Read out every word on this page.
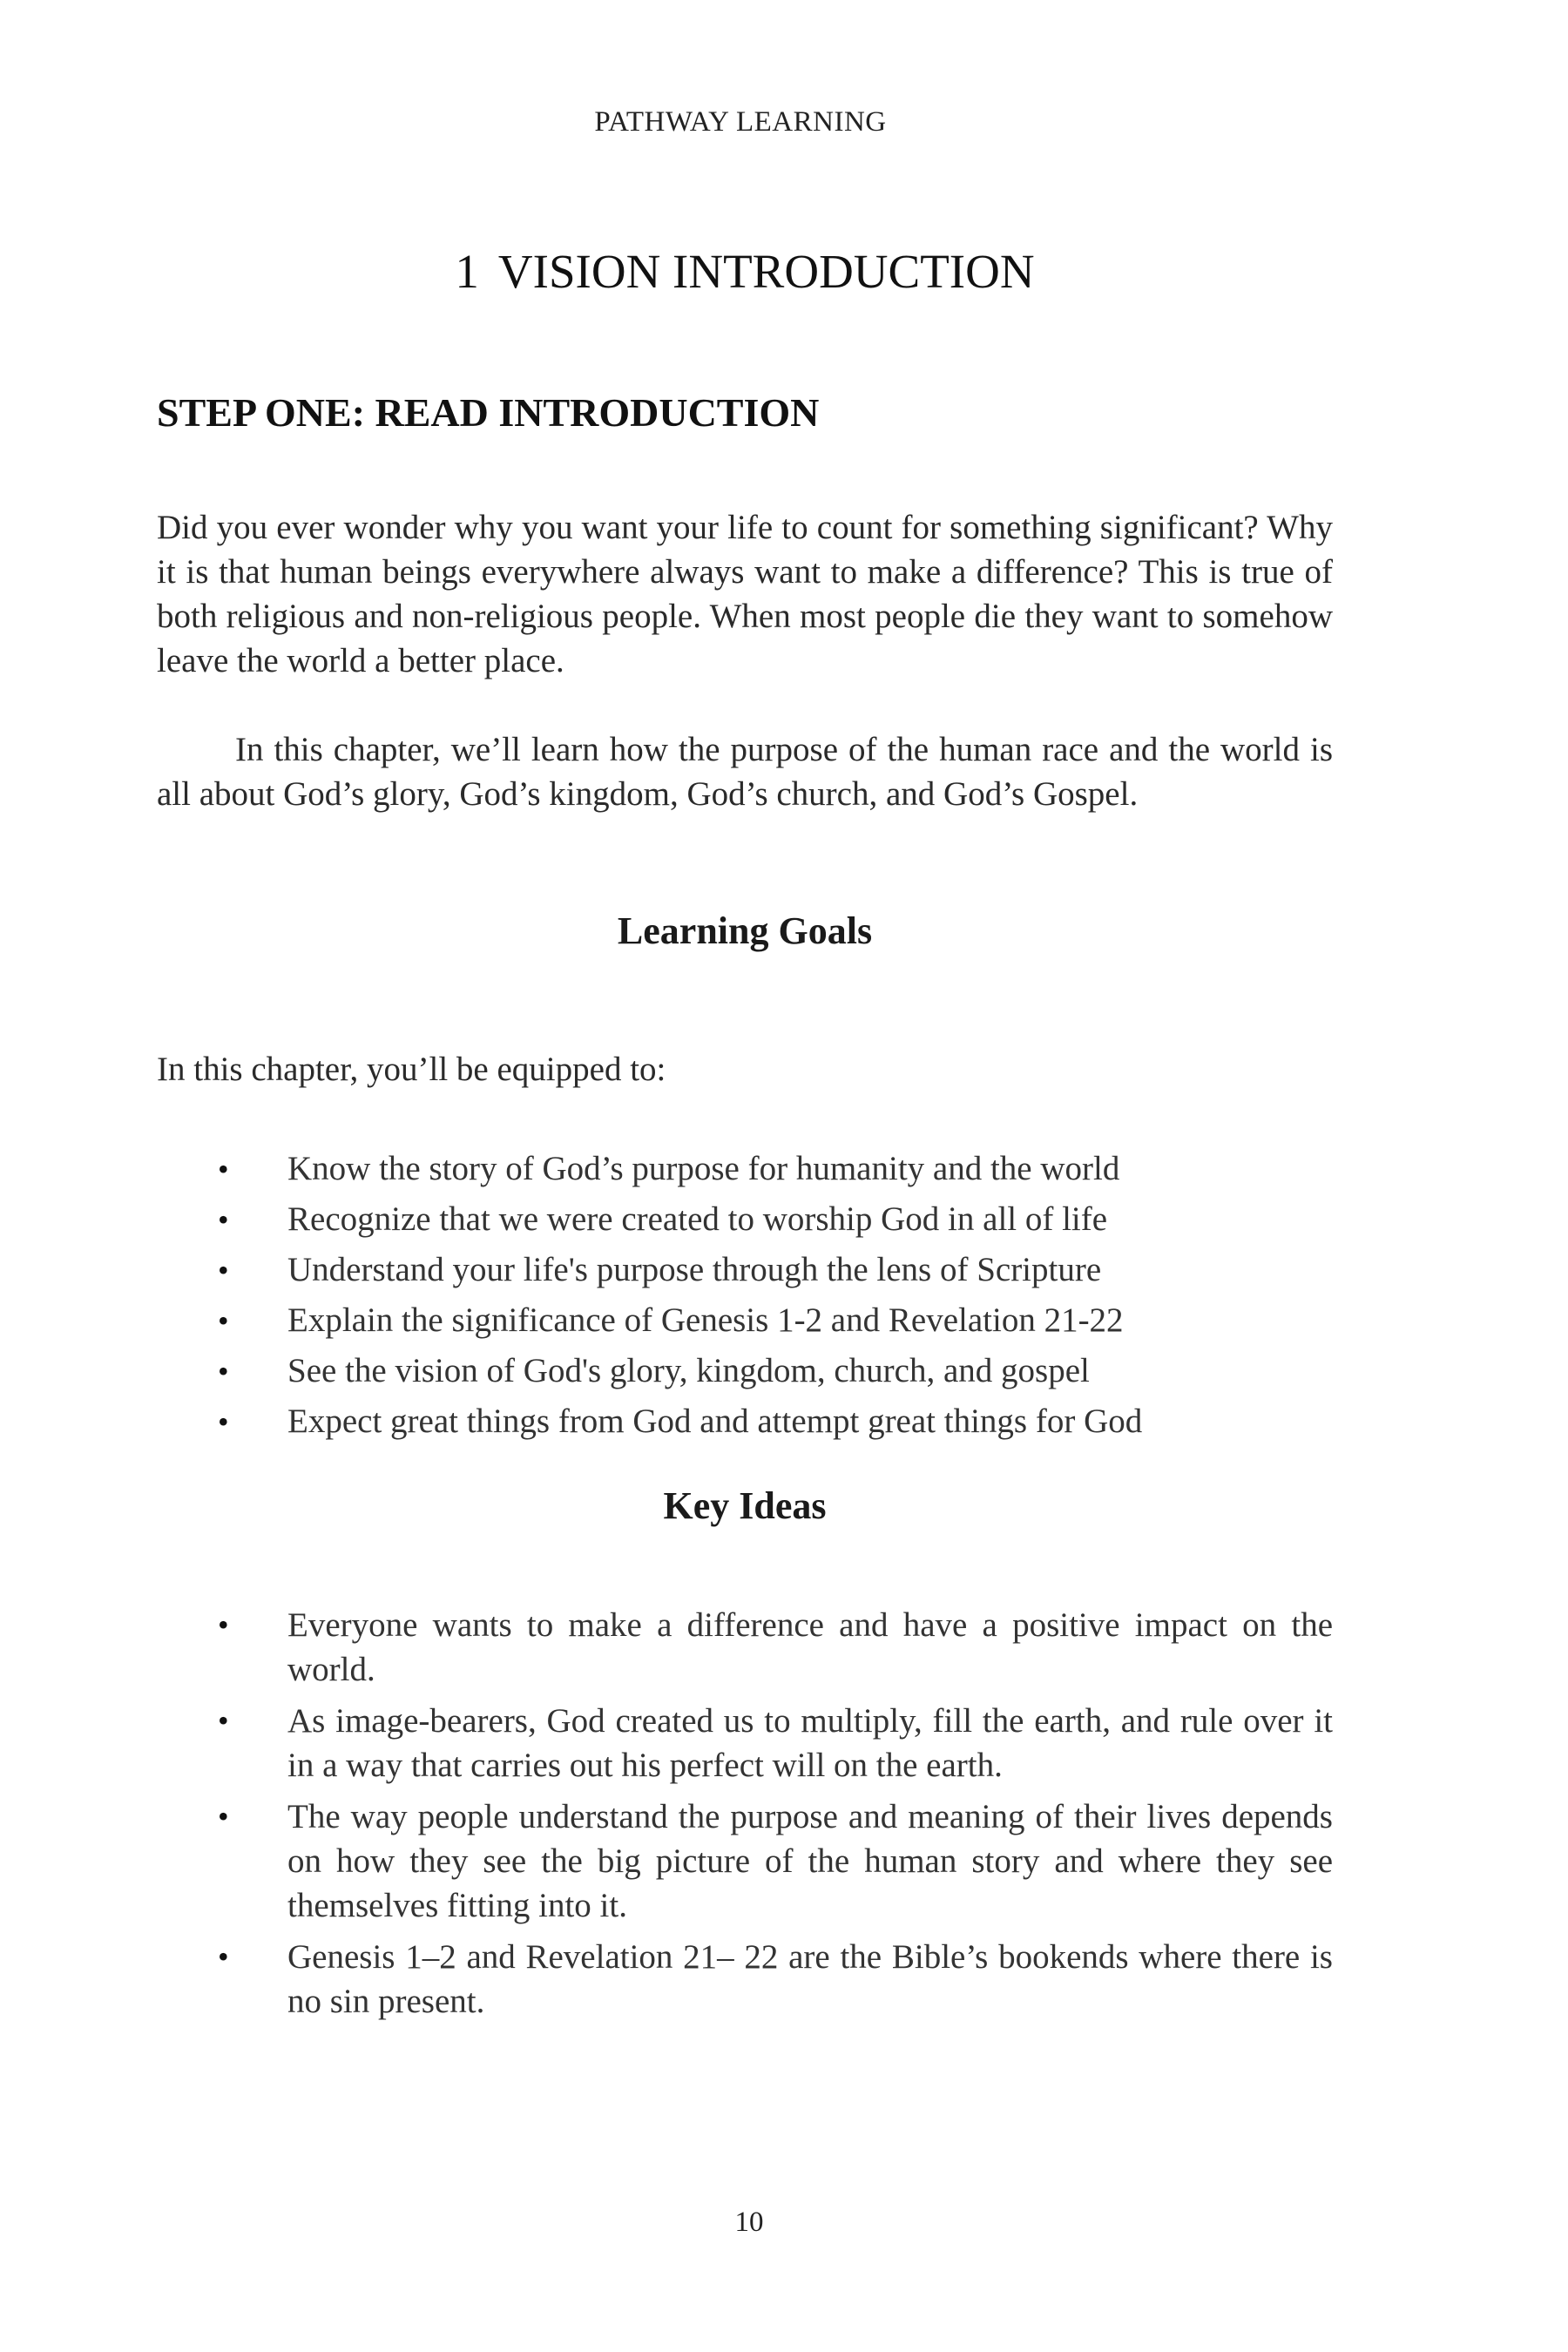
PATHWAY LEARNING
1 VISION INTRODUCTION
STEP ONE: READ INTRODUCTION

Did you ever wonder why you want your life to count for something significant? Why it is that human beings everywhere always want to make a difference? This is true of both religious and non-religious people. When most people die they want to somehow leave the world a better place.

In this chapter, we’ll learn how the purpose of the human race and the world is all about God’s glory, God’s kingdom, God’s church, and God’s Gospel.

Learning Goals
In this chapter, you’ll be equipped to:
• Know the story of God’s purpose for humanity and the world
• Recognize that we were created to worship God in all of life
• Understand your life's purpose through the lens of Scripture
• Explain the significance of Genesis 1-2 and Revelation 21-22
• See the vision of God's glory, kingdom, church, and gospel
• Expect great things from God and attempt great things for God
Key Ideas
• Everyone wants to make a difference and have a positive impact on the world.
• As image-bearers, God created us to multiply, fill the earth, and rule over it in a way that carries out his perfect will on the earth.
• The way people understand the purpose and meaning of their lives depends on how they see the big picture of the human story and where they see themselves fitting into it.
• Genesis 1–2 and Revelation 21– 22 are the Bible’s bookends where there is no sin present.
10
